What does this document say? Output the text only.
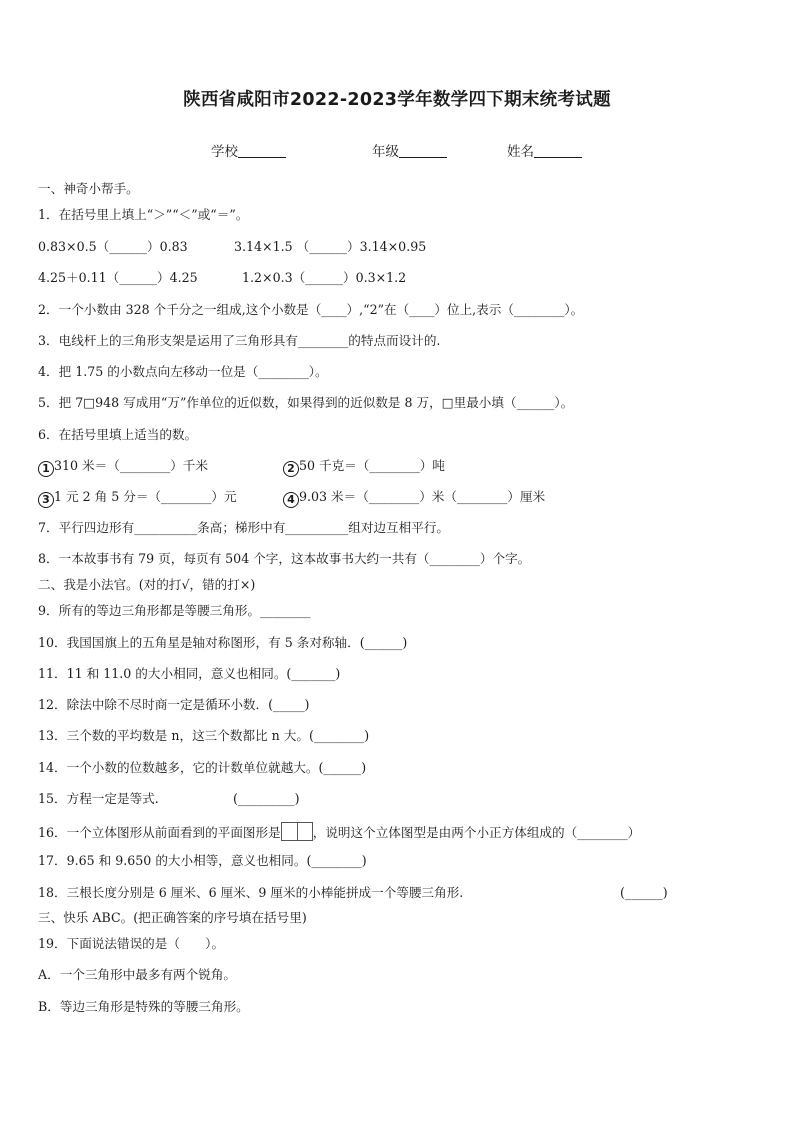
陕西省咸阳市2022-2023学年数学四下期末统考试题
学校	年级	姓名
一、神奇小帮手。
1．在括号里上填上“＞”“＜”或“＝”。
0.83×0.5（______）0.83	3.14×1.5 （______）3.14×0.95
4.25＋0.11（______）4.25	1.2×0.3（______）0.3×1.2
2．一个小数由 328 个千分之一组成,这个小数是（____）,“2”在（____）位上,表示（________）。
3．电线杆上的三角形支架是运用了三角形具有________的特点而设计的.
4．把 1.75 的小数点向左移动一位是（________）。
5．把 7□948 写成用“万”作单位的近似数，如果得到的近似数是 8 万，□里最小填（______）。
6．在括号里填上适当的数。
1 310 米＝（________）千米	2 50 千克＝（________）吨
3 1 元 2 角 5 分＝（________）元	4 9.03 米＝（________）米（________）厘米
7．平行四边形有__________条高；梯形中有__________组对边互相平行。
8．一本故事书有 79 页，每页有 504 个字，这本故事书大约一共有（________）个字。
二、我是小法官。(对的打√，错的打×)
9．所有的等边三角形都是等腰三角形。________
10．我国国旗上的五角星是轴对称图形，有 5 条对称轴．(______)
11．11 和 11.0 的大小相同，意义也相同。(_______)
12．除法中除不尽时商一定是循环小数．(_____)
13．三个数的平均数是 n，这三个数都比 n 大。(________)
14．一个小数的位数越多，它的计数单位就越大。(______)
15．方程一定是等式.	(_________)
16．一个立体图形从前面看到的平面图形是	，说明这个立体图型是由两个小正方体组成的（________）
17．9.65 和 9.650 的大小相等，意义也相同。(________)
18．三根长度分别是 6 厘米、6 厘米、9 厘米的小棒能拼成一个等腰三角形.	(______)
三、快乐 ABC。(把正确答案的序号填在括号里)
19．下面说法错误的是（　　）。
A．一个三角形中最多有两个锐角。
B．等边三角形是特殊的等腰三角形。
